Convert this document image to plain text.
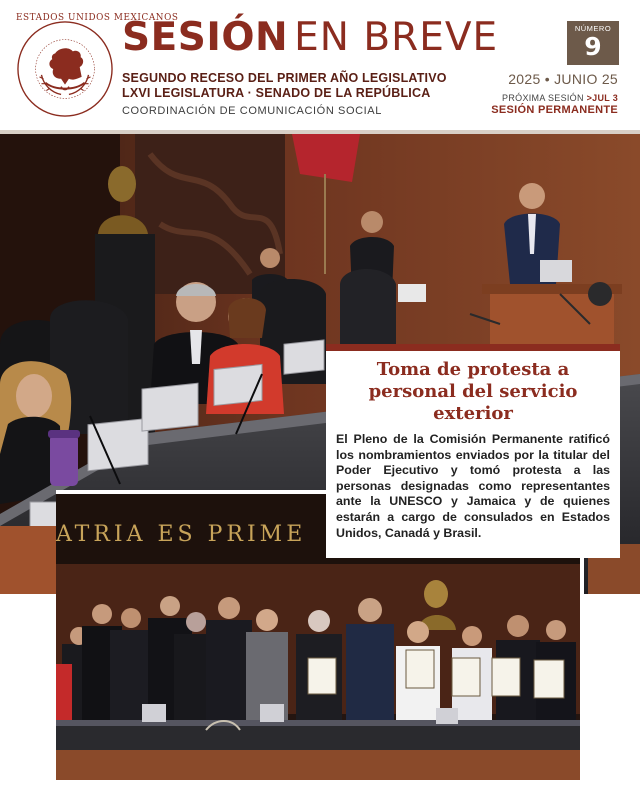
ESTADOS UNIDOS MEXICANOS
SESIÓN EN BREVE
SEGUNDO RECESO DEL PRIMER AÑO LEGISLATIVO
LXVI LEGISLATURA · SENADO DE LA REPÚBLICA
COORDINACIÓN DE COMUNICACIÓN SOCIAL
NÚMERO
9
2025 • JUNIO 25
PRÓXIMA SESIÓN >JUL 3
SESIÓN PERMANENTE
ATRIA ES PRIME
Toma de protesta a personal del servicio exterior
El Pleno de la Comisión Permanente ratificó los nombramientos enviados por la titular del Poder Ejecutivo y tomó protesta a las personas designadas como representantes ante la UNESCO y Jamaica y de quienes estarán a cargo de consulados en Estados Unidos, Canadá y Brasil.
